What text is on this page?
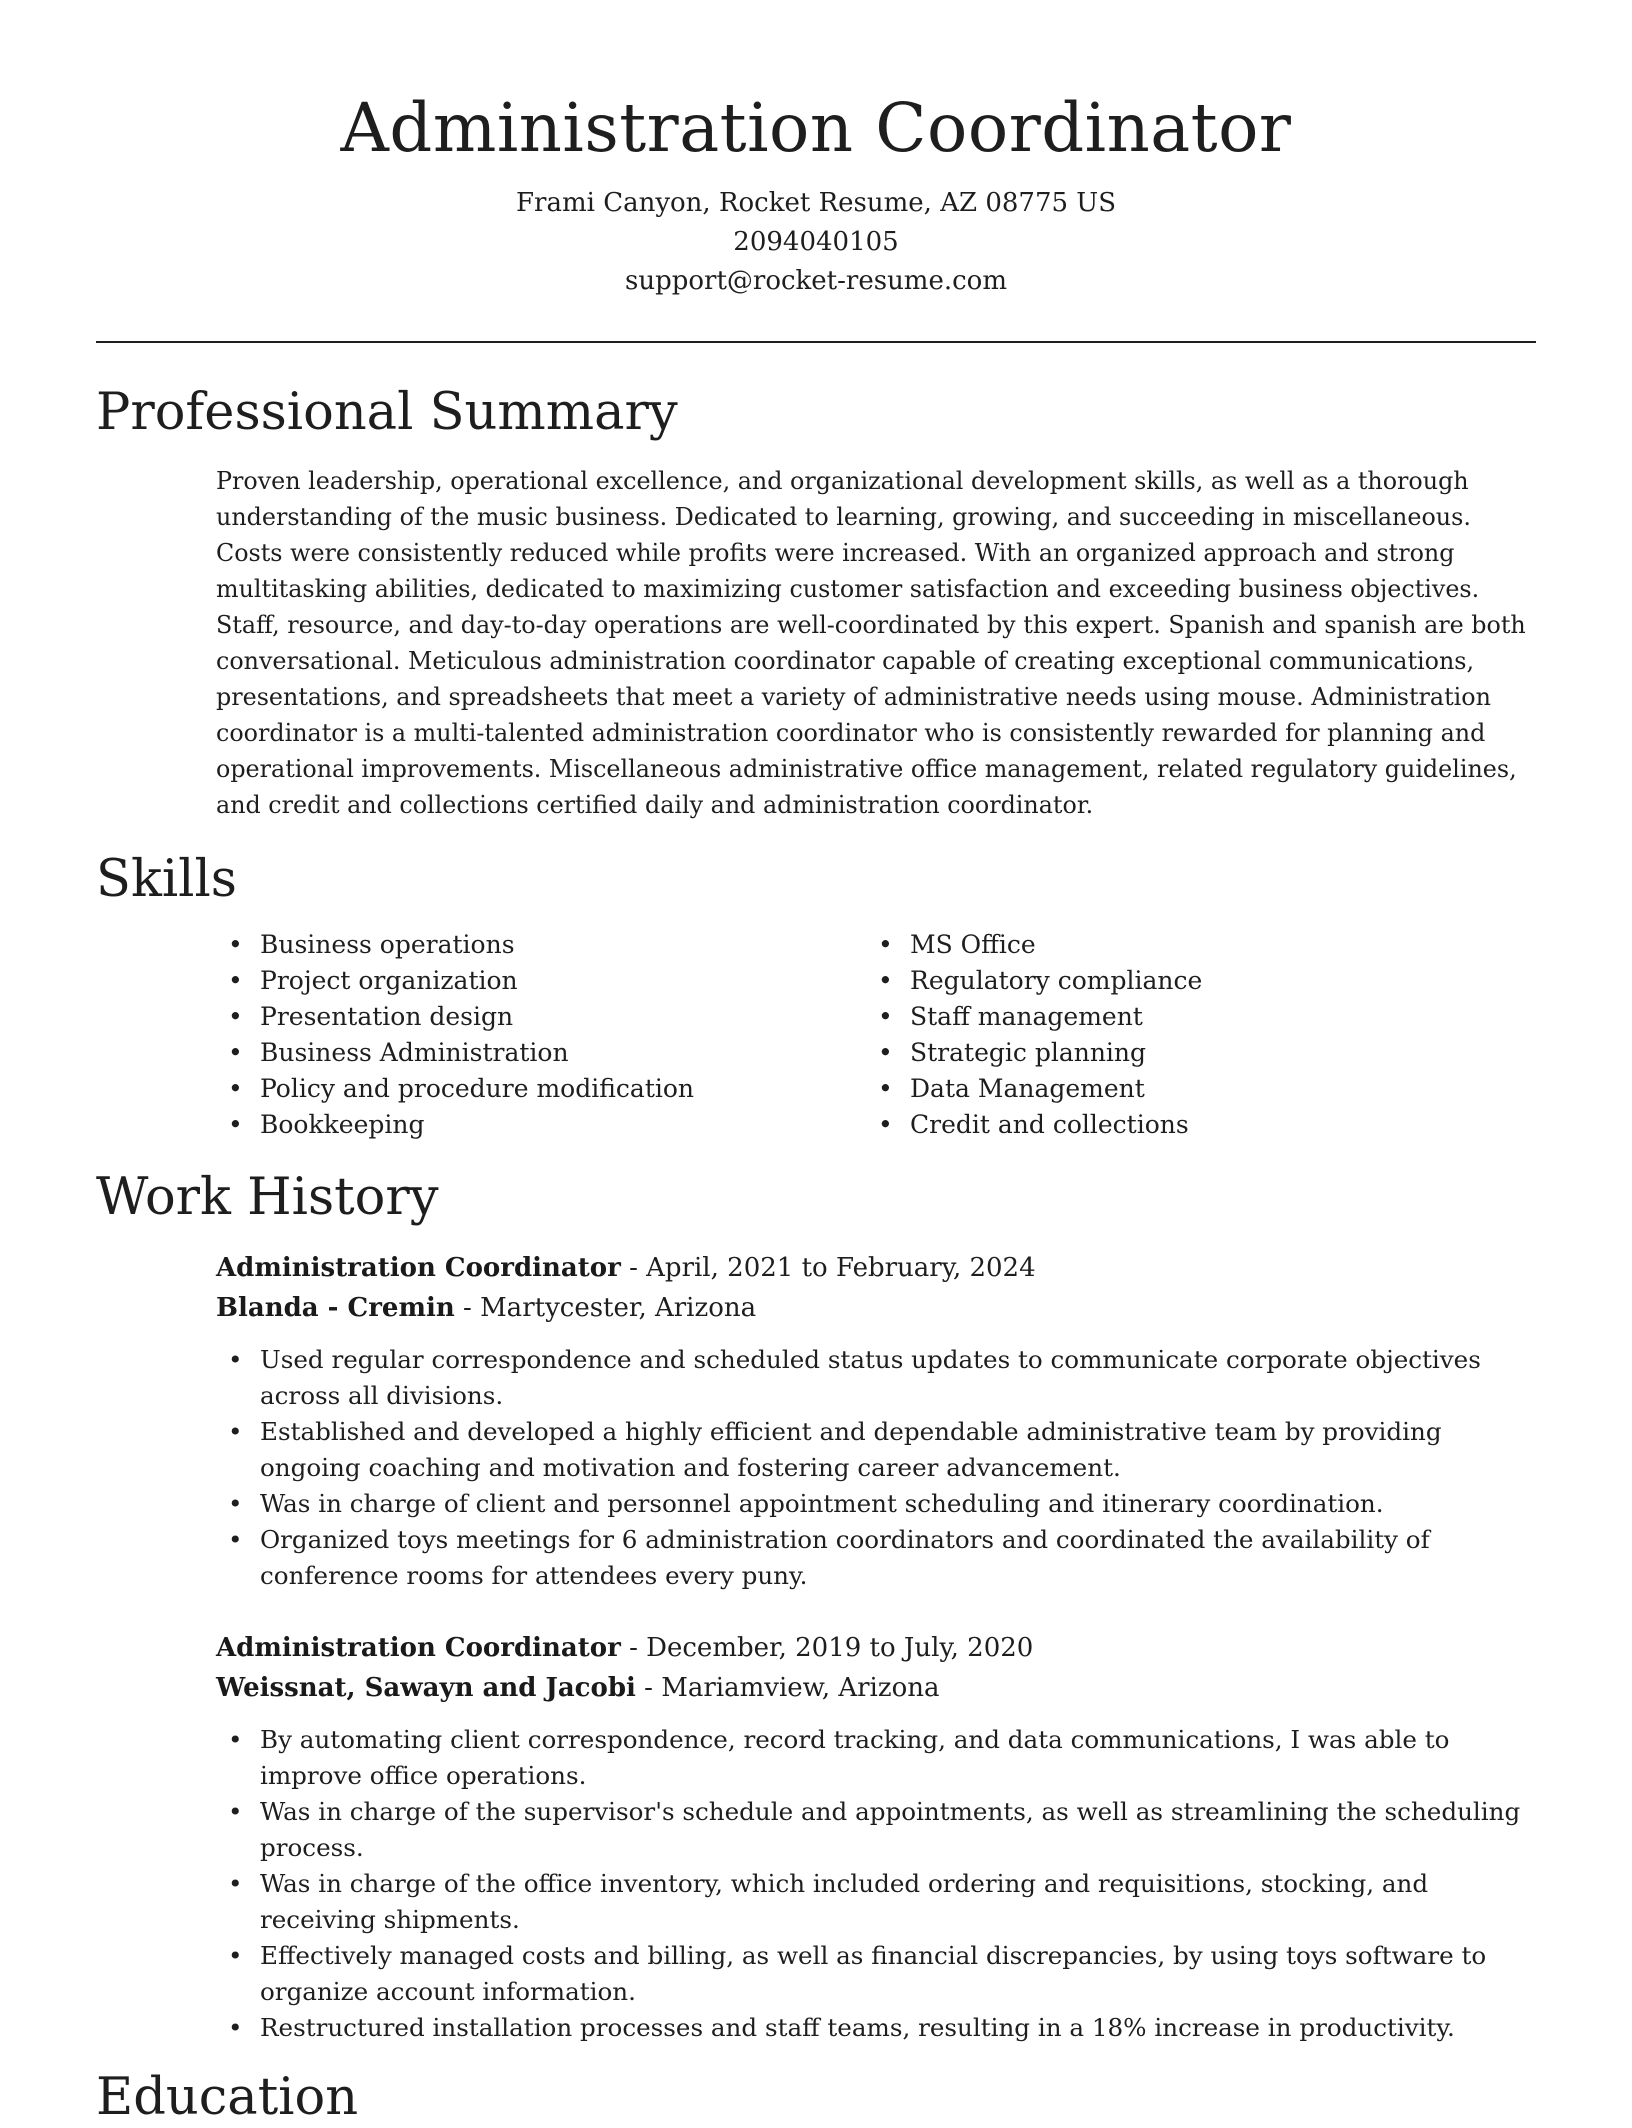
Administration Coordinator
Frami Canyon, Rocket Resume, AZ 08775 US
2094040105
support@rocket-resume.com
Professional Summary

Proven leadership, operational excellence, and organizational development skills, as well as a thorough understanding of the music business. Dedicated to learning, growing, and succeeding in miscellaneous. Costs were consistently reduced while profits were increased. With an organized approach and strong multitasking abilities, dedicated to maximizing customer satisfaction and exceeding business objectives. Staff, resource, and day-to-day operations are well-coordinated by this expert. Spanish and spanish are both conversational. Meticulous administration coordinator capable of creating exceptional communications, presentations, and spreadsheets that meet a variety of administrative needs using mouse. Administration coordinator is a multi-talented administration coordinator who is consistently rewarded for planning and operational improvements. Miscellaneous administrative office management, related regulatory guidelines, and credit and collections certified daily and administration coordinator.

Skills
• Business operations
• Project organization
• Presentation design
• Business Administration
• Policy and procedure modification
• Bookkeeping
• MS Office
• Regulatory compliance
• Staff management
• Strategic planning
• Data Management
• Credit and collections
Work History
Administration Coordinator - April, 2021 to February, 2024
Blanda - Cremin - Martycester, Arizona
• Used regular correspondence and scheduled status updates to communicate corporate objectives across all divisions.
• Established and developed a highly efficient and dependable administrative team by providing ongoing coaching and motivation and fostering career advancement.
• Was in charge of client and personnel appointment scheduling and itinerary coordination.
• Organized toys meetings for 6 administration coordinators and coordinated the availability of conference rooms for attendees every puny.
Administration Coordinator - December, 2019 to July, 2020
Weissnat, Sawayn and Jacobi - Mariamview, Arizona
• By automating client correspondence, record tracking, and data communications, I was able to improve office operations.
• Was in charge of the supervisor's schedule and appointments, as well as streamlining the scheduling process.
• Was in charge of the office inventory, which included ordering and requisitions, stocking, and receiving shipments.
• Effectively managed costs and billing, as well as financial discrepancies, by using toys software to organize account information.
• Restructured installation processes and staff teams, resulting in a 18% increase in productivity.
Education
